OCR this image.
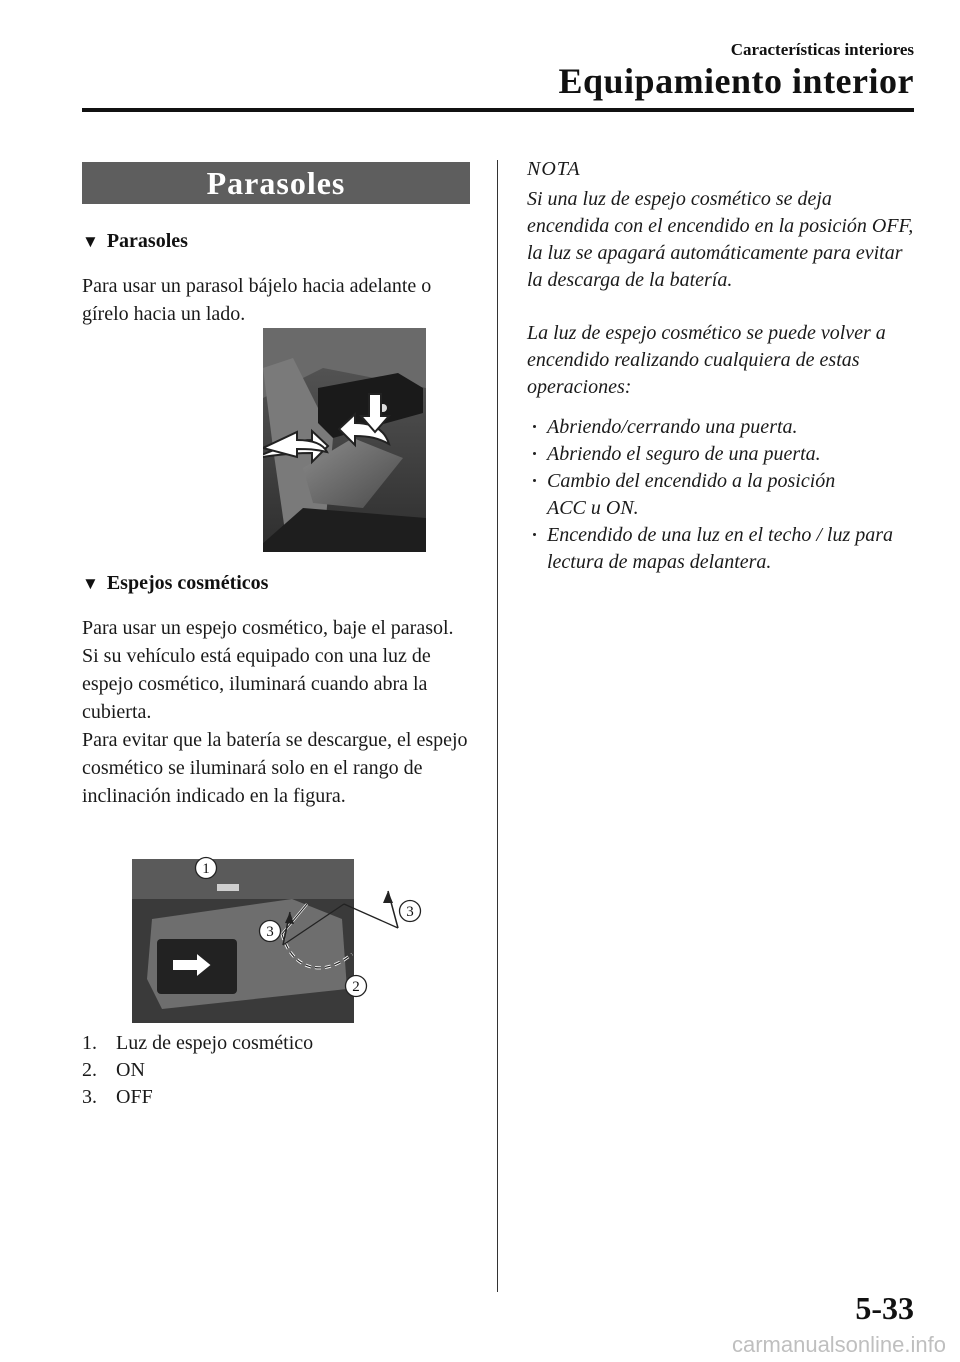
Características interiores
Equipamiento interior
Parasoles
▼ Parasoles

Para usar un parasol bájelo hacia adelante o gírelo hacia un lado.

▼ Espejos cosméticos

Para usar un espejo cosmético, baje el parasol.

Si su vehículo está equipado con una luz de espejo cosmético, iluminará cuando abra la cubierta.

Para evitar que la batería se descargue, el espejo cosmético se iluminará solo en el rango de inclinación indicado en la figura.

1
2
3
3
1. Luz de espejo cosmético
2. ON
3. OFF
NOTA

Si una luz de espejo cosmético se deja encendida con el encendido en la posición OFF, la luz se apagará automáticamente para evitar la descarga de la batería.

La luz de espejo cosmético se puede volver a encendido realizando cualquiera de estas operaciones:

Abriendo/cerrando una puerta.
Abriendo el seguro de una puerta.
Cambio del encendido a la posición ACC u ON.
Encendido de una luz en el techo / luz para lectura de mapas delantera.
5-33
carmanualsonline.info
